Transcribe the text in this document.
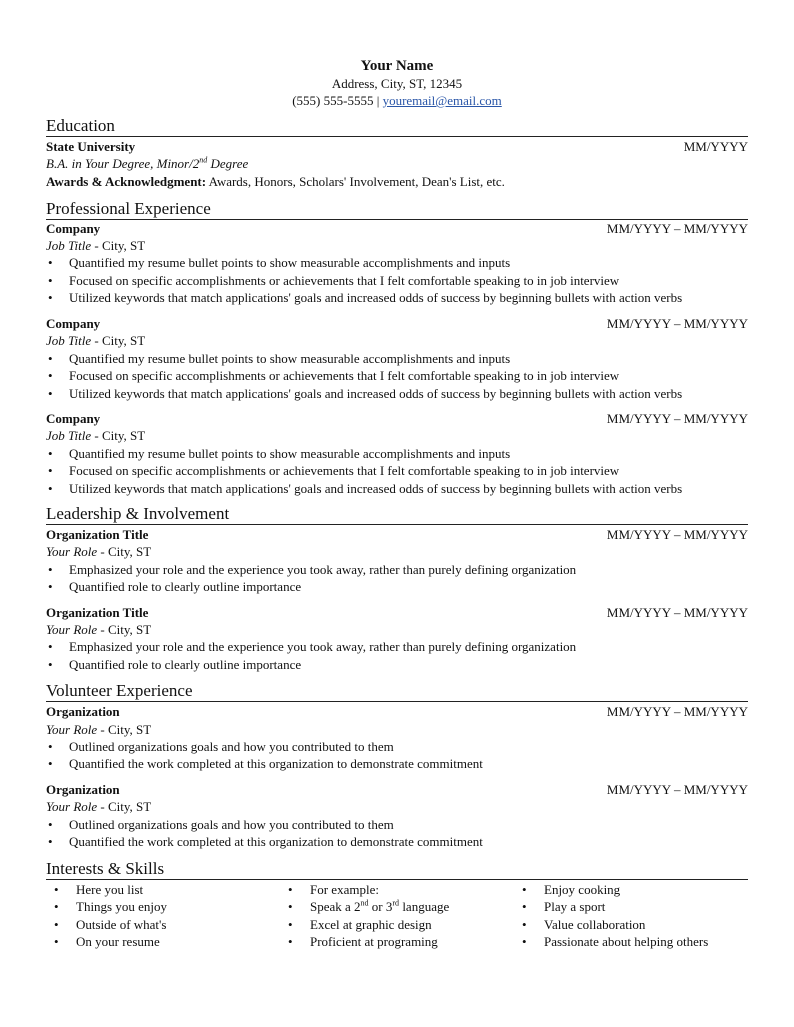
Your Name
Address, City, ST, 12345
(555) 555-5555 | youremail@email.com
Education
State University	MM/YYYY
B.A. in Your Degree, Minor/2nd Degree
Awards & Acknowledgment: Awards, Honors, Scholars' Involvement, Dean's List, etc.
Professional Experience
Company	MM/YYYY – MM/YYYY
Job Title - City, ST
• Quantified my resume bullet points to show measurable accomplishments and inputs
• Focused on specific accomplishments or achievements that I felt comfortable speaking to in job interview
• Utilized keywords that match applications' goals and increased odds of success by beginning bullets with action verbs
Company	MM/YYYY – MM/YYYY
Job Title - City, ST
• Quantified my resume bullet points to show measurable accomplishments and inputs
• Focused on specific accomplishments or achievements that I felt comfortable speaking to in job interview
• Utilized keywords that match applications' goals and increased odds of success by beginning bullets with action verbs
Company	MM/YYYY – MM/YYYY
Job Title - City, ST
• Quantified my resume bullet points to show measurable accomplishments and inputs
• Focused on specific accomplishments or achievements that I felt comfortable speaking to in job interview
• Utilized keywords that match applications' goals and increased odds of success by beginning bullets with action verbs
Leadership & Involvement
Organization Title	MM/YYYY – MM/YYYY
Your Role - City, ST
• Emphasized your role and the experience you took away, rather than purely defining organization
• Quantified role to clearly outline importance
Organization Title	MM/YYYY – MM/YYYY
Your Role - City, ST
• Emphasized your role and the experience you took away, rather than purely defining organization
• Quantified role to clearly outline importance
Volunteer Experience
Organization	MM/YYYY – MM/YYYY
Your Role - City, ST
• Outlined organizations goals and how you contributed to them
• Quantified the work completed at this organization to demonstrate commitment
Organization	MM/YYYY – MM/YYYY
Your Role - City, ST
• Outlined organizations goals and how you contributed to them
• Quantified the work completed at this organization to demonstrate commitment
Interests & Skills
• Here you list
• Things you enjoy
• Outside of what's
• On your resume
• For example:
• Speak a 2nd or 3rd language
• Excel at graphic design
• Proficient at programing
• Enjoy cooking
• Play a sport
• Value collaboration
• Passionate about helping others
